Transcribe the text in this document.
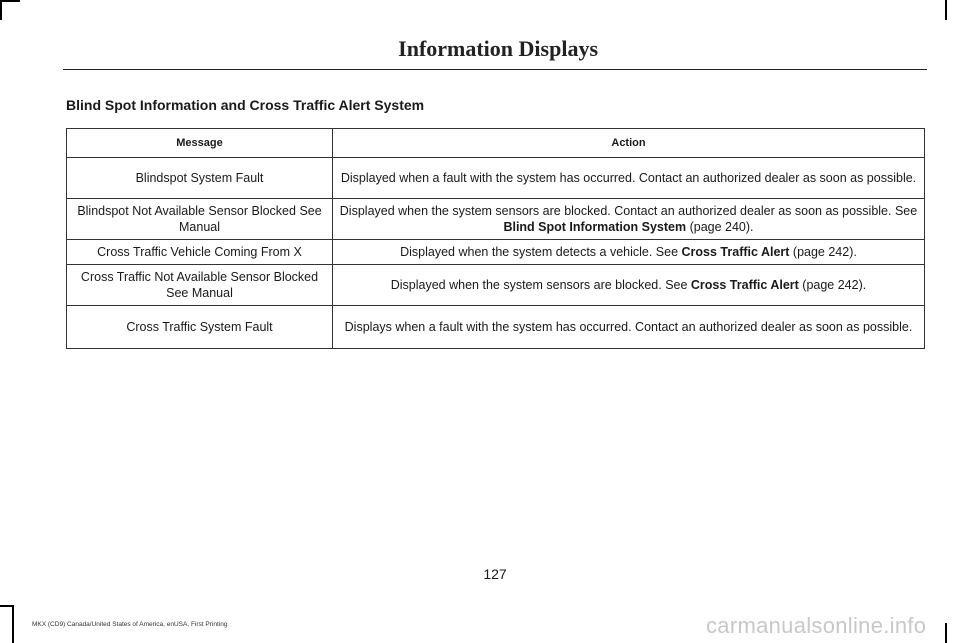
Information Displays
Blind Spot Information and Cross Traffic Alert System
Message	Action
Blindspot System Fault	Displayed when a fault with the system has occurred. Contact an authorized dealer as soon as possible.
Blindspot Not Available Sensor Blocked See Manual	Displayed when the system sensors are blocked. Contact an authorized dealer as soon as possible. See Blind Spot Information System (page 240).
Cross Traffic Vehicle Coming From X	Displayed when the system detects a vehicle. See Cross Traffic Alert (page 242).
Cross Traffic Not Available Sensor Blocked See Manual	Displayed when the system sensors are blocked. See Cross Traffic Alert (page 242).
Cross Traffic System Fault	Displays when a fault with the system has occurred. Contact an authorized dealer as soon as possible.
127
MKX (CD9) Canada/United States of America, enUSA, First Printing	carmanualsonline.info
